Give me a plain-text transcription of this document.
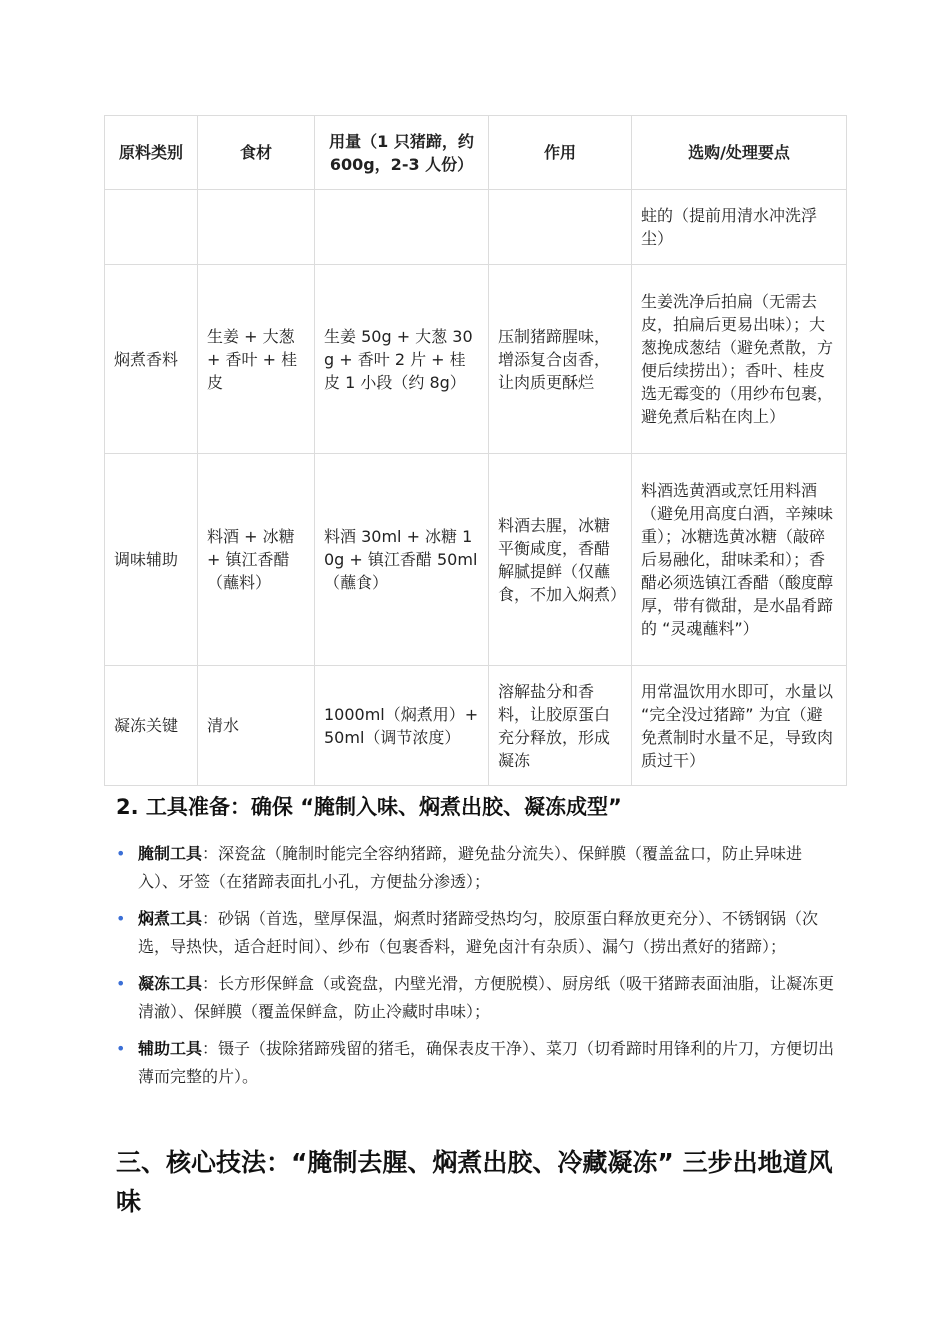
原料类别	食材	用量（1 只猪蹄，约 600g，2-3 人份）	作用	选购/处理要点
				蛀的（提前用清水冲洗浮尘）
焖煮香料	生姜 + 大葱 + 香叶 + 桂皮	生姜 50g + 大葱 30g + 香叶 2 片 + 桂皮 1 小段（约 8g）	压制猪蹄腥味，增添复合卤香，让肉质更酥烂	生姜洗净后拍扁（无需去皮，拍扁后更易出味）；大葱挽成葱结（避免煮散，方便后续捞出）；香叶、桂皮选无霉变的（用纱布包裹，避免煮后粘在肉上）
调味辅助	料酒 + 冰糖 + 镇江香醋（蘸料）	料酒 30ml + 冰糖 10g + 镇江香醋 50ml（蘸食）	料酒去腥，冰糖平衡咸度，香醋解腻提鲜（仅蘸食，不加入焖煮）	料酒选黄酒或烹饪用料酒（避免用高度白酒，辛辣味重）；冰糖选黄冰糖（敲碎后易融化，甜味柔和）；香醋必须选镇江香醋（酸度醇厚，带有微甜，是水晶肴蹄的 “灵魂蘸料”）
凝冻关键	清水	1000ml（焖煮用）+50ml（调节浓度）	溶解盐分和香料，让胶原蛋白充分释放，形成凝冻	用常温饮用水即可，水量以 “完全没过猪蹄” 为宜（避免煮制时水量不足，导致肉质过干）
2. 工具准备：确保 “腌制入味、焖煮出胶、凝冻成型”
• 腌制工具：深瓷盆（腌制时能完全容纳猪蹄，避免盐分流失）、保鲜膜（覆盖盆口，防止异味进入）、牙签（在猪蹄表面扎小孔，方便盐分渗透）；
• 焖煮工具：砂锅（首选，壁厚保温，焖煮时猪蹄受热均匀，胶原蛋白释放更充分）、不锈钢锅（次选，导热快，适合赶时间）、纱布（包裹香料，避免卤汁有杂质）、漏勺（捞出煮好的猪蹄）；
• 凝冻工具：长方形保鲜盒（或瓷盘，内壁光滑，方便脱模）、厨房纸（吸干猪蹄表面油脂，让凝冻更清澈）、保鲜膜（覆盖保鲜盒，防止冷藏时串味）；
• 辅助工具：镊子（拔除猪蹄残留的猪毛，确保表皮干净）、菜刀（切肴蹄时用锋利的片刀，方便切出薄而完整的片）。
三、核心技法：“腌制去腥、焖煮出胶、冷藏凝冻” 三步出地道风味
